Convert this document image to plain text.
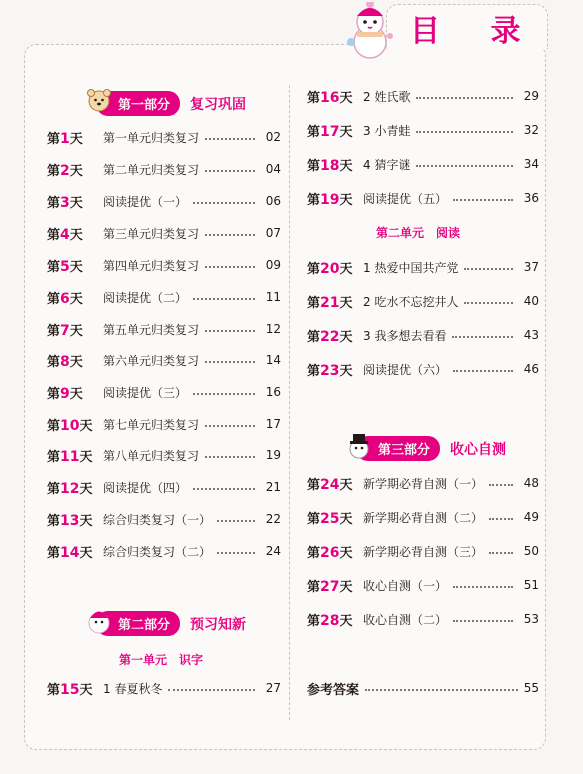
目 录
第一部分	复习巩固
第二部分	预习知新
第三部分	收心自测
第一单元　识字
第二单元　阅读
第1天	第一单元归类复习	02
第2天	第二单元归类复习	04
第3天	阅读提优（一）	06
第4天	第三单元归类复习	07
第5天	第四单元归类复习	09
第6天	阅读提优（二）	11
第7天	第五单元归类复习	12
第8天	第六单元归类复习	14
第9天	阅读提优（三）	16
第10天 第七单元归类复习	17
第11天 第八单元归类复习	19
第12天 阅读提优（四）	21
第13天 综合归类复习（一）	22
第14天 综合归类复习（二）	24
第15天 1 春夏秋冬	27
第16天 2 姓氏歌	29
第17天 3 小青蛙	32
第18天 4 猜字谜	34
第19天 阅读提优（五）	36
第20天 1 热爱中国共产党	37
第21天 2 吃水不忘挖井人	40
第22天 3 我多想去看看	43
第23天 阅读提优（六）	46
第24天 新学期必背自测（一）	48
第25天 新学期必背自测（二）	49
第26天 新学期必背自测（三）	50
第27天 收心自测（一）	51
第28天 收心自测（二）	53
参考答案	55
